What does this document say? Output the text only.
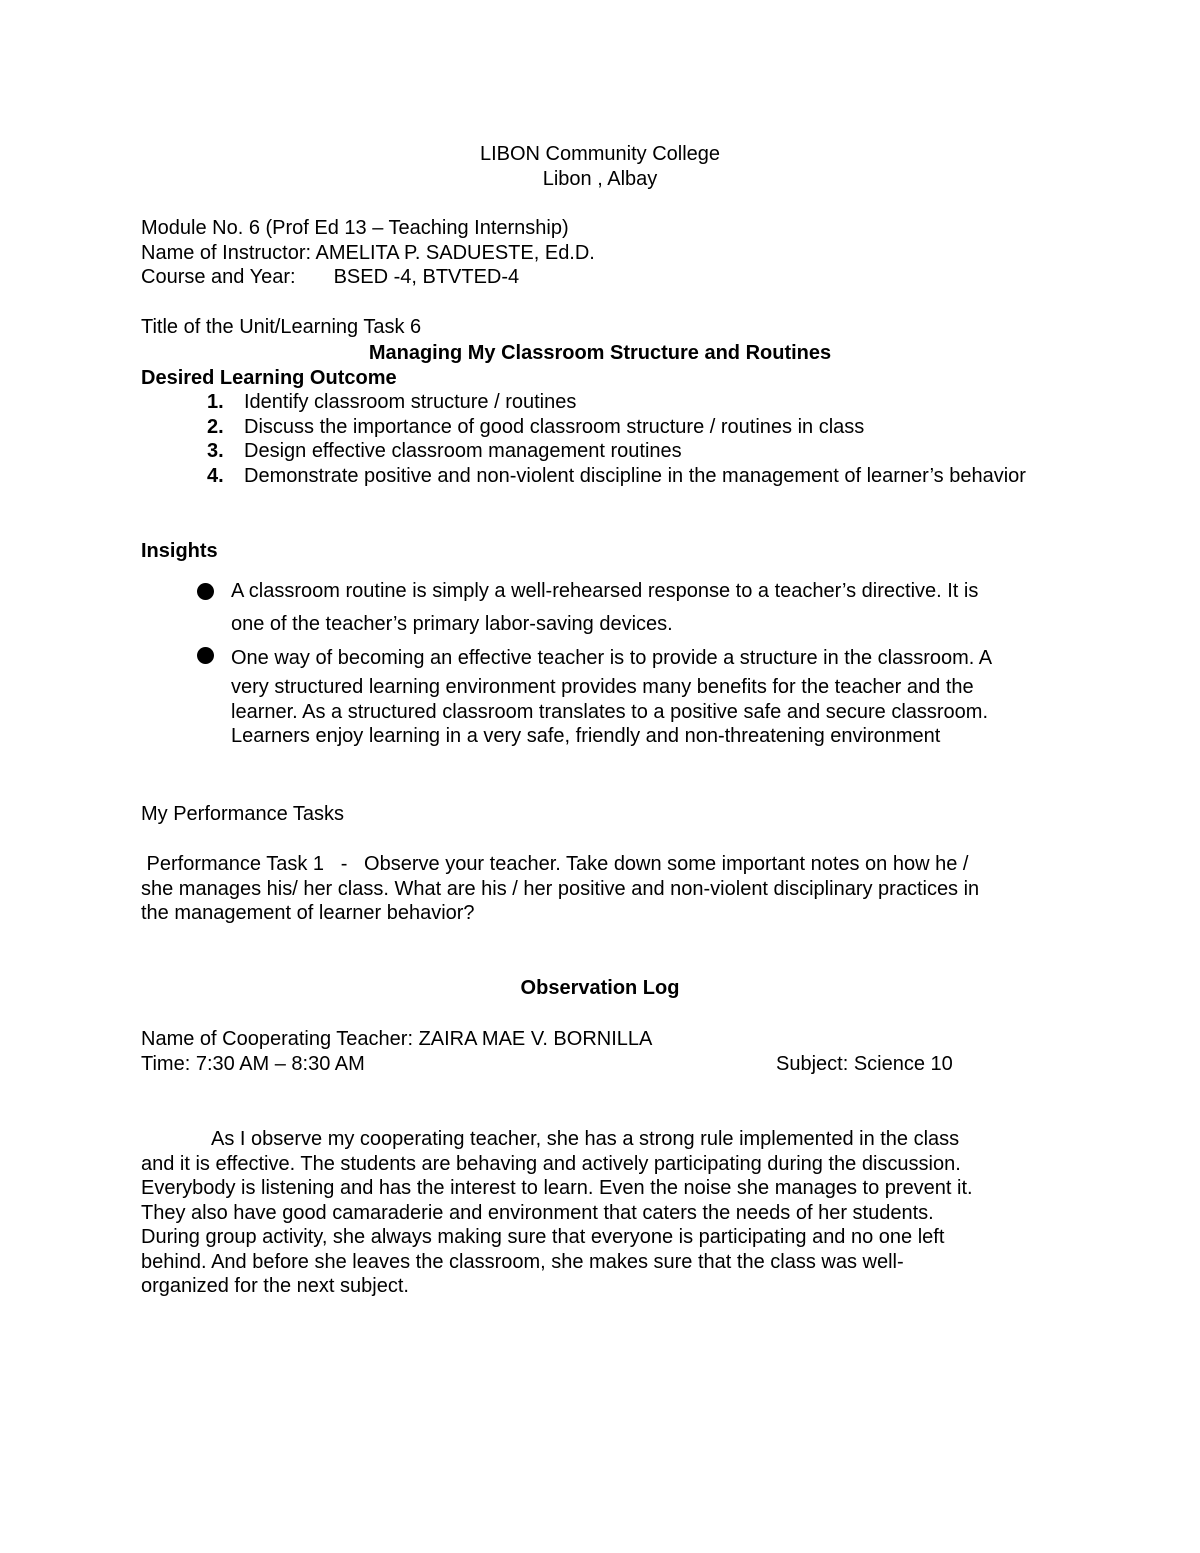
LIBON Community College
Libon , Albay
Module No. 6 (Prof Ed 13 – Teaching Internship)
Name of Instructor: AMELITA P. SADUESTE, Ed.D.
Course and Year: BSED -4, BTVTED-4
Title of the Unit/Learning Task 6
Managing My Classroom Structure and Routines
Desired Learning Outcome
1. Identify classroom structure / routines
2. Discuss the importance of good classroom structure / routines in class
3. Design effective classroom management routines
4. Demonstrate positive and non-violent discipline in the management of learner’s behavior
Insights
A classroom routine is simply a well-rehearsed response to a teacher’s directive. It is
one of the teacher’s primary labor-saving devices.
One way of becoming an effective teacher is to provide a structure in the classroom. A
very structured learning environment provides many benefits for the teacher and the
learner. As a structured classroom translates to a positive safe and secure classroom.
Learners enjoy learning in a very safe, friendly and non-threatening environment
My Performance Tasks
Performance Task 1   -   Observe your teacher. Take down some important notes on how he /
she manages his/ her class. What are his / her positive and non-violent disciplinary practices in
the management of learner behavior?
Observation Log
Name of Cooperating Teacher: ZAIRA MAE V. BORNILLA
Time: 7:30 AM – 8:30 AM	Subject: Science 10
As I observe my cooperating teacher, she has a strong rule implemented in the class
and it is effective. The students are behaving and actively participating during the discussion.
Everybody is listening and has the interest to learn. Even the noise she manages to prevent it.
They also have good camaraderie and environment that caters the needs of her students.
During group activity, she always making sure that everyone is participating and no one left
behind. And before she leaves the classroom, she makes sure that the class was well-
organized for the next subject.
